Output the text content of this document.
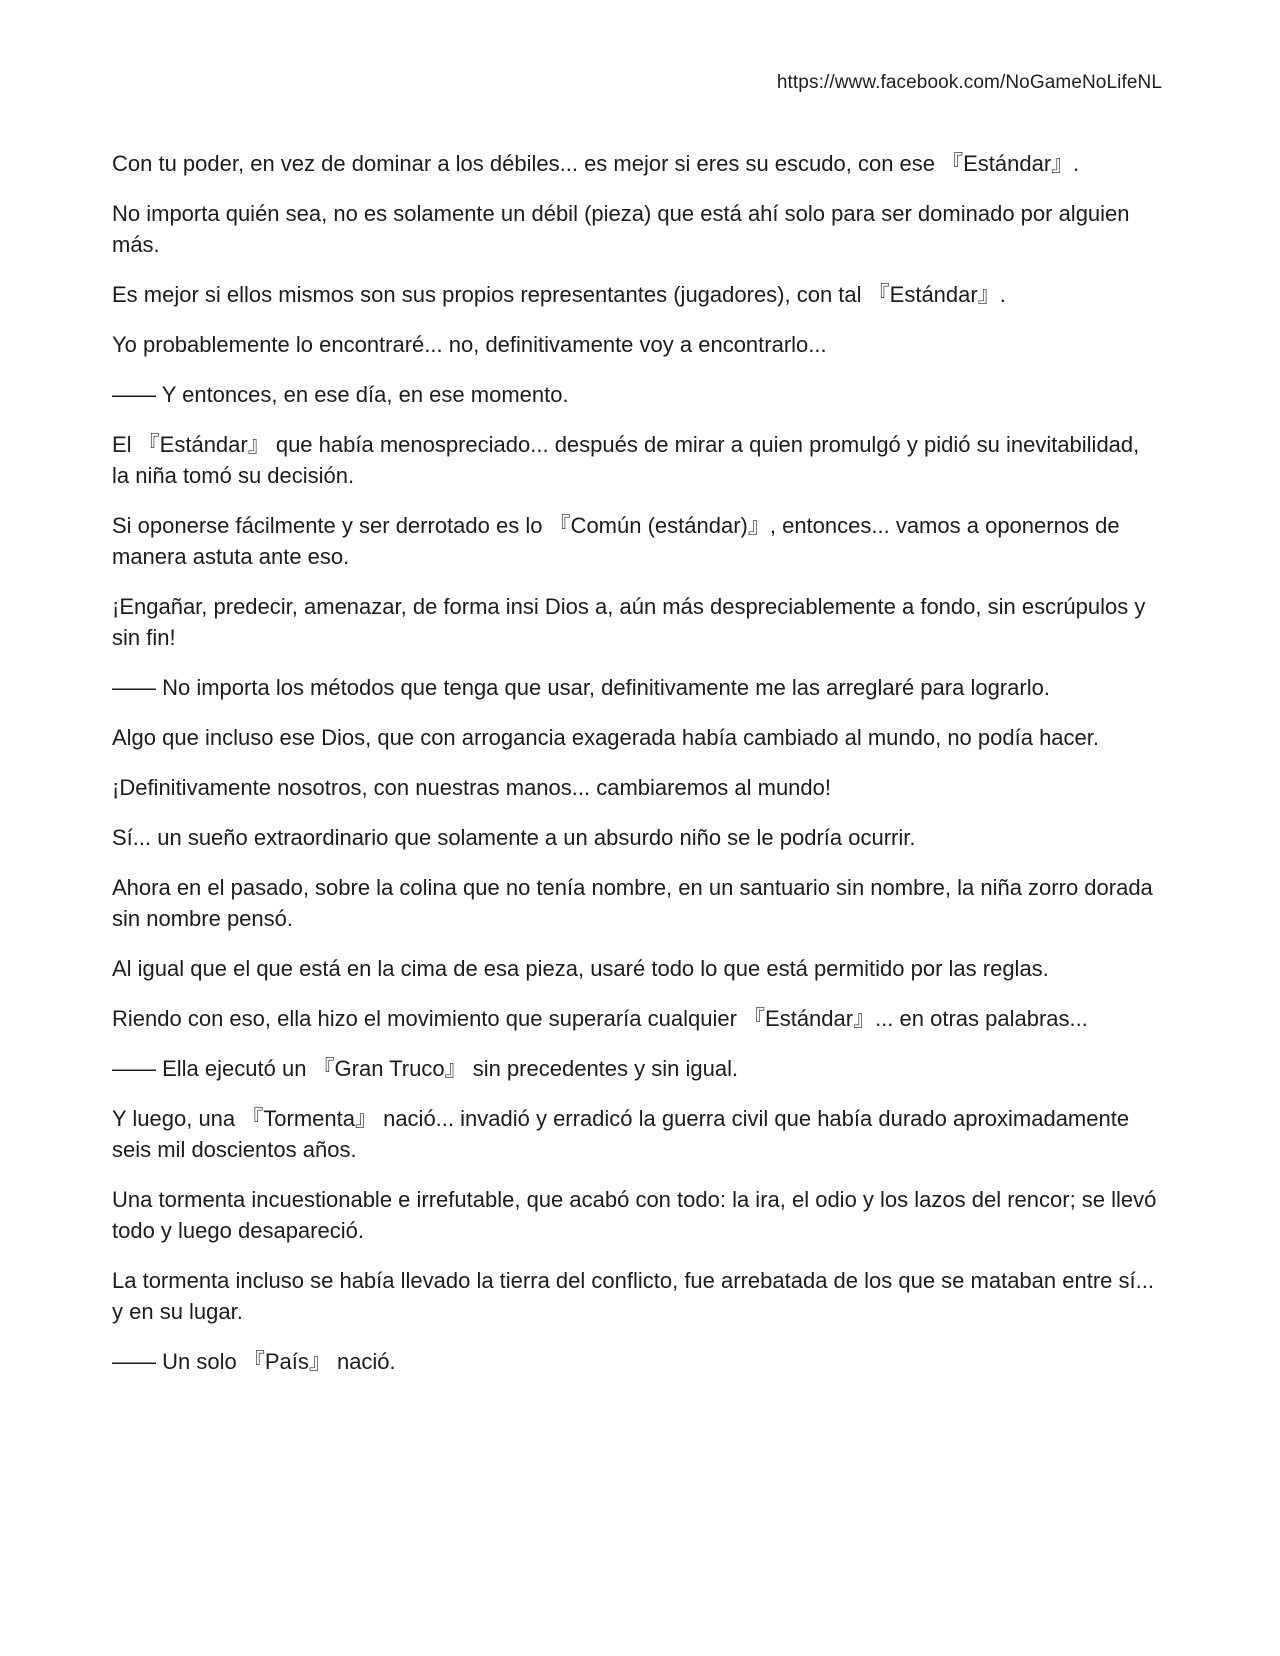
https://www.facebook.com/NoGameNoLifeNL

Con tu poder, en vez de dominar a los débiles... es mejor si eres su escudo, con ese 『Estándar』.

No importa quién sea, no es solamente un débil (pieza) que está ahí solo para ser dominado por alguien más.

Es mejor si ellos mismos son sus propios representantes (jugadores), con tal 『Estándar』.

Yo probablemente lo encontraré... no, definitivamente voy a encontrarlo...

—— Y entonces, en ese día, en ese momento.

El 『Estándar』 que había menospreciado... después de mirar a quien promulgó y pidió su inevitabilidad, la niña tomó su decisión.

Si oponerse fácilmente y ser derrotado es lo 『Común (estándar)』, entonces... vamos a oponernos de manera astuta ante eso.

¡Engañar, predecir, amenazar, de forma insi Dios a, aún más despreciablemente a fondo, sin escrúpulos y sin fin!

—— No importa los métodos que tenga que usar, definitivamente me las arreglaré para lograrlo.

Algo que incluso ese Dios, que con arrogancia exagerada había cambiado al mundo, no podía hacer.

¡Definitivamente nosotros, con nuestras manos... cambiaremos al mundo!

Sí... un sueño extraordinario que solamente a un absurdo niño se le podría ocurrir.

Ahora en el pasado, sobre la colina que no tenía nombre, en un santuario sin nombre, la niña zorro dorada sin nombre pensó.

Al igual que el que está en la cima de esa pieza, usaré todo lo que está permitido por las reglas.

Riendo con eso, ella hizo el movimiento que superaría cualquier 『Estándar』... en otras palabras...

—— Ella ejecutó un 『Gran Truco』 sin precedentes y sin igual.

Y luego, una 『Tormenta』 nació... invadió y erradicó la guerra civil que había durado aproximadamente seis mil doscientos años.

Una tormenta incuestionable e irrefutable, que acabó con todo: la ira, el odio y los lazos del rencor; se llevó todo y luego desapareció.

La tormenta incluso se había llevado la tierra del conflicto, fue arrebatada de los que se mataban entre sí... y en su lugar.

—— Un solo 『País』 nació.
